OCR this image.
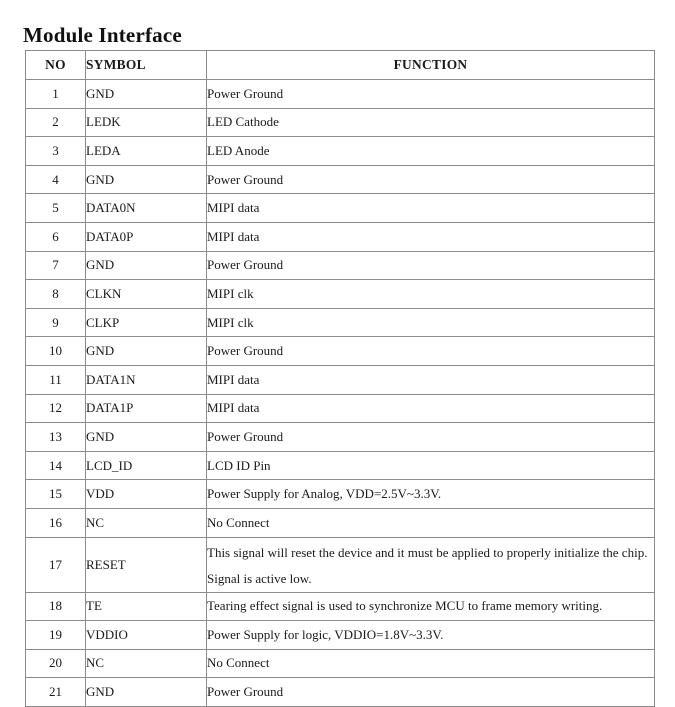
Module Interface
NO	SYMBOL	FUNCTION
1	GND	Power Ground
2	LEDK	LED Cathode
3	LEDA	LED Anode
4	GND	Power Ground
5	DATA0N	MIPI data
6	DATA0P	MIPI data
7	GND	Power Ground
8	CLKN	MIPI clk
9	CLKP	MIPI clk
10	GND	Power Ground
11	DATA1N	MIPI data
12	DATA1P	MIPI data
13	GND	Power Ground
14	LCD_ID	LCD ID Pin
15	VDD	Power Supply for Analog, VDD=2.5V~3.3V.
16	NC	No Connect
17	RESET	This signal will reset the device and it must be applied to properly initialize the chip. Signal is active low.
18	TE	Tearing effect signal is used to synchronize MCU to frame memory writing.
19	VDDIO	Power Supply for logic, VDDIO=1.8V~3.3V.
20	NC	No Connect
21	GND	Power Ground
